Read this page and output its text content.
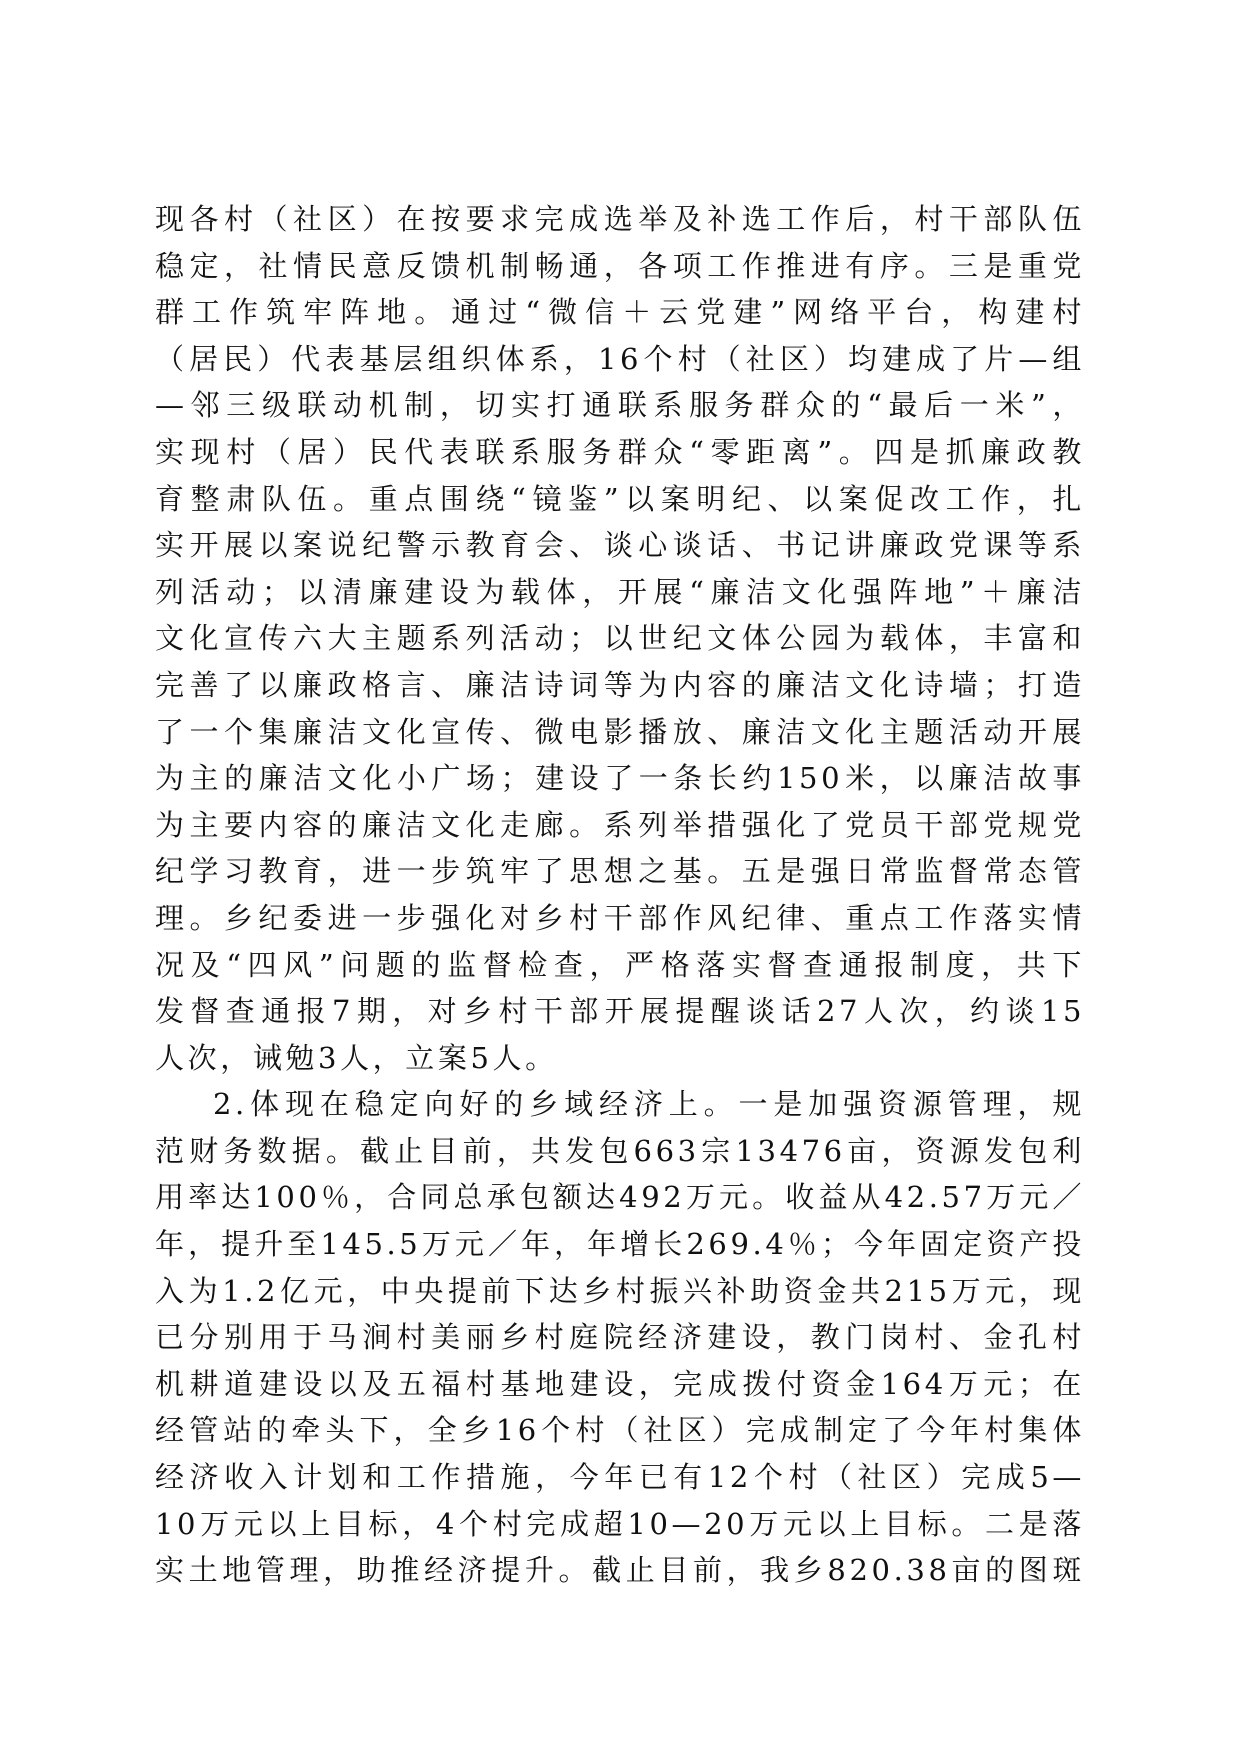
现各村（社区）在按要求完成选举及补选工作后，村干部队伍
稳定，社情民意反馈机制畅通，各项工作推进有序。三是重党
群工作筑牢阵地。通过“微信＋云党建”网络平台，构建村
（居民）代表基层组织体系，16个村（社区）均建成了片—组
—邻三级联动机制，切实打通联系服务群众的“最后一米”，
实现村（居）民代表联系服务群众“零距离”。四是抓廉政教
育整肃队伍。重点围绕“镜鉴”以案明纪、以案促改工作，扎
实开展以案说纪警示教育会、谈心谈话、书记讲廉政党课等系
列活动；以清廉建设为载体，开展“廉洁文化强阵地”＋廉洁
文化宣传六大主题系列活动；以世纪文体公园为载体，丰富和
完善了以廉政格言、廉洁诗词等为内容的廉洁文化诗墙；打造
了一个集廉洁文化宣传、微电影播放、廉洁文化主题活动开展
为主的廉洁文化小广场；建设了一条长约150米，以廉洁故事
为主要内容的廉洁文化走廊。系列举措强化了党员干部党规党
纪学习教育，进一步筑牢了思想之基。五是强日常监督常态管
理。乡纪委进一步强化对乡村干部作风纪律、重点工作落实情
况及“四风”问题的监督检查，严格落实督查通报制度，共下
发督查通报7期，对乡村干部开展提醒谈话27人次，约谈15
人次，诫勉3人，立案5人。
2.体现在稳定向好的乡域经济上。一是加强资源管理，规
范财务数据。截止目前，共发包663宗13476亩，资源发包利
用率达100％，合同总承包额达492万元。收益从42.57万元／
年，提升至145.5万元／年，年增长269.4％；今年固定资产投
入为1.2亿元，中央提前下达乡村振兴补助资金共215万元，现
已分别用于马涧村美丽乡村庭院经济建设，教门岗村、金孔村
机耕道建设以及五福村基地建设，完成拨付资金164万元；在
经管站的牵头下，全乡16个村（社区）完成制定了今年村集体
经济收入计划和工作措施，今年已有12个村（社区）完成5—
10万元以上目标，4个村完成超10—20万元以上目标。二是落
实土地管理，助推经济提升。截止目前，我乡820.38亩的图斑
